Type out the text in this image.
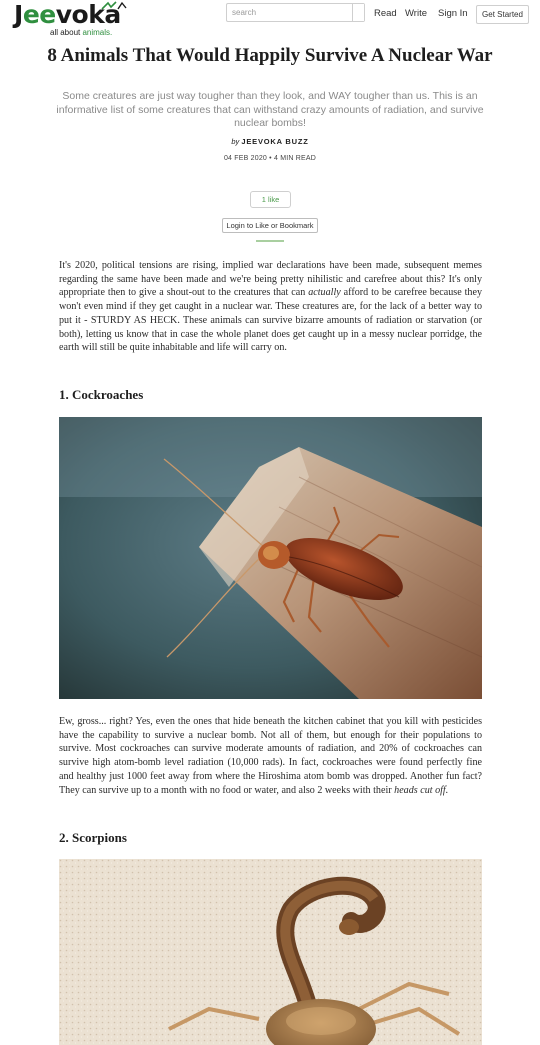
Jeevoka
all about animals.
search
Read Write Sign In	Get Started
8 Animals That Would Happily Survive A Nuclear War

Some creatures are just way tougher than they look, and WAY tougher than us. This is an informative list of some creatures that can withstand crazy amounts of radiation, and survive nuclear bombs!

by JEEVOKA BUZZ
04 FEB 2020 • 4 MIN READ
1 like
Login to Like or Bookmark

It's 2020, political tensions are rising, implied war declarations have been made, subsequent memes regarding the same have been made and we're being pretty nihilistic and carefree about this? It's only appropriate then to give a shout-out to the creatures that can actually afford to be carefree because they won't even mind if they get caught in a nuclear war. These creatures are, for the lack of a better way to put it - STURDY AS HECK. These animals can survive bizarre amounts of radiation or starvation (or both), letting us know that in case the whole planet does get caught up in a messy nuclear porridge, the earth will still be quite inhabitable and life will carry on.

1. Cockroaches

Ew, gross... right? Yes, even the ones that hide beneath the kitchen cabinet that you kill with pesticides have the capability to survive a nuclear bomb. Not all of them, but enough for their populations to survive. Most cockroaches can survive moderate amounts of radiation, and 20% of cockroaches can survive high atom-bomb level radiation (10,000 rads). In fact, cockroaches were found perfectly fine and healthy just 1000 feet away from where the Hiroshima atom bomb was dropped. Another fun fact? They can survive up to a month with no food or water, and also 2 weeks with their heads cut off.

2. Scorpions
